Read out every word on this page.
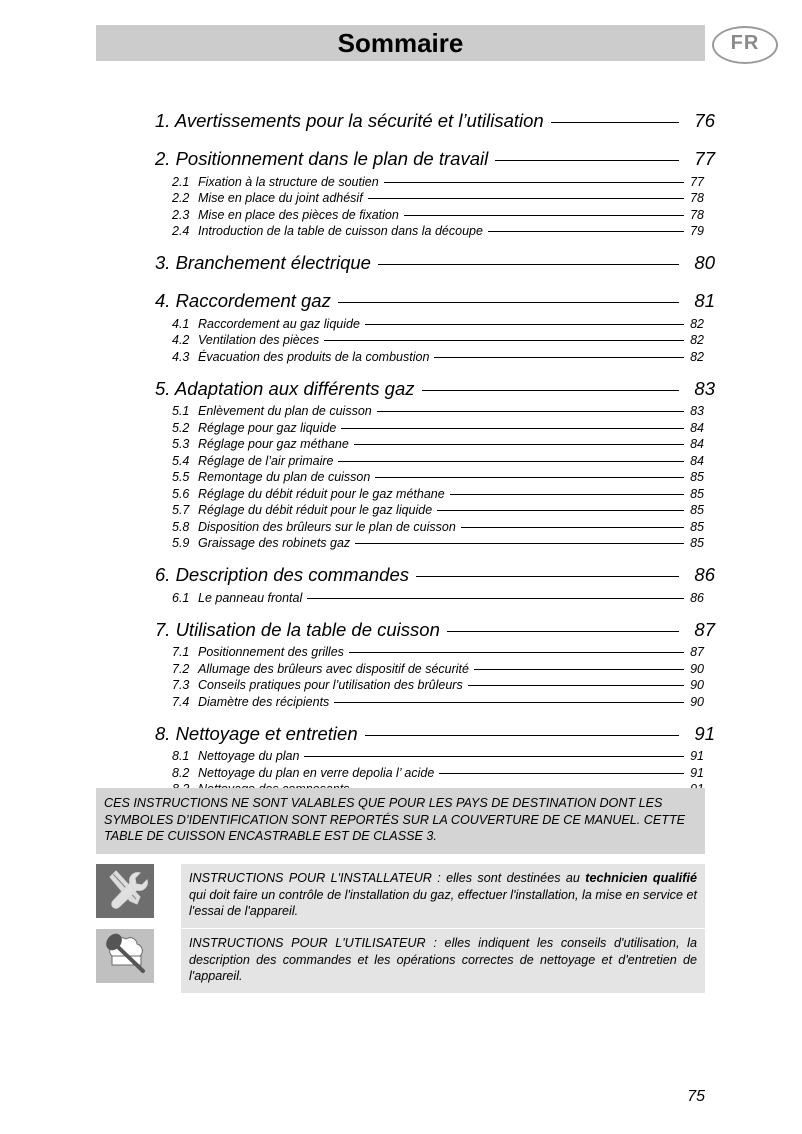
Sommaire	FR
1. Avertissements pour la sécurité et l’utilisation	76
2. Positionnement dans le plan de travail	77
2.1 Fixation à la structure de soutien	77
2.2 Mise en place du joint adhésif	78
2.3 Mise en place des pièces de fixation	78
2.4 Introduction de la table de cuisson dans la découpe	79
3. Branchement électrique	80
4. Raccordement gaz	81
4.1 Raccordement au gaz liquide	82
4.2 Ventilation des pièces	82
4.3 Évacuation des produits de la combustion	82
5. Adaptation aux différents gaz	83
5.1 Enlèvement du plan de cuisson	83
5.2 Réglage pour gaz liquide	84
5.3 Réglage pour gaz méthane	84
5.4 Réglage de l’air primaire	84
5.5 Remontage du plan de cuisson	85
5.6 Réglage du débit réduit pour le gaz méthane	85
5.7 Réglage du débit réduit pour le gaz liquide	85
5.8 Disposition des brûleurs sur le plan de cuisson	85
5.9 Graissage des robinets gaz	85
6. Description des commandes	86
6.1 Le panneau frontal	86
7. Utilisation de la table de cuisson	87
7.1 Positionnement des grilles	87
7.2 Allumage des brûleurs avec dispositif de sécurité	90
7.3 Conseils pratiques pour l’utilisation des brûleurs	90
7.4 Diamètre des récipients	90
8. Nettoyage et entretien	91
8.1 Nettoyage du plan	91
8.2 Nettoyage du plan en verre depolia l’ acide	91
CES INSTRUCTIONS NE SONT VALABLES QUE POUR LES PAYS DE DESTINATION DONT LES SYMBOLES D’IDENTIFICATION SONT REPORTÉS SUR LA COUVERTURE DE CE MANUEL. CETTE TABLE DE CUISSON ENCASTRABLE EST DE CLASSE 3.
INSTRUCTIONS POUR L'INSTALLATEUR : elles sont destinées au technicien qualifié qui doit faire un contrôle de l'installation du gaz, effectuer l'installation, la mise en service et l'essai de l'appareil.
INSTRUCTIONS POUR L'UTILISATEUR : elles indiquent les conseils d'utilisation, la description des commandes et les opérations correctes de nettoyage et d'entretien de l'appareil.
75
